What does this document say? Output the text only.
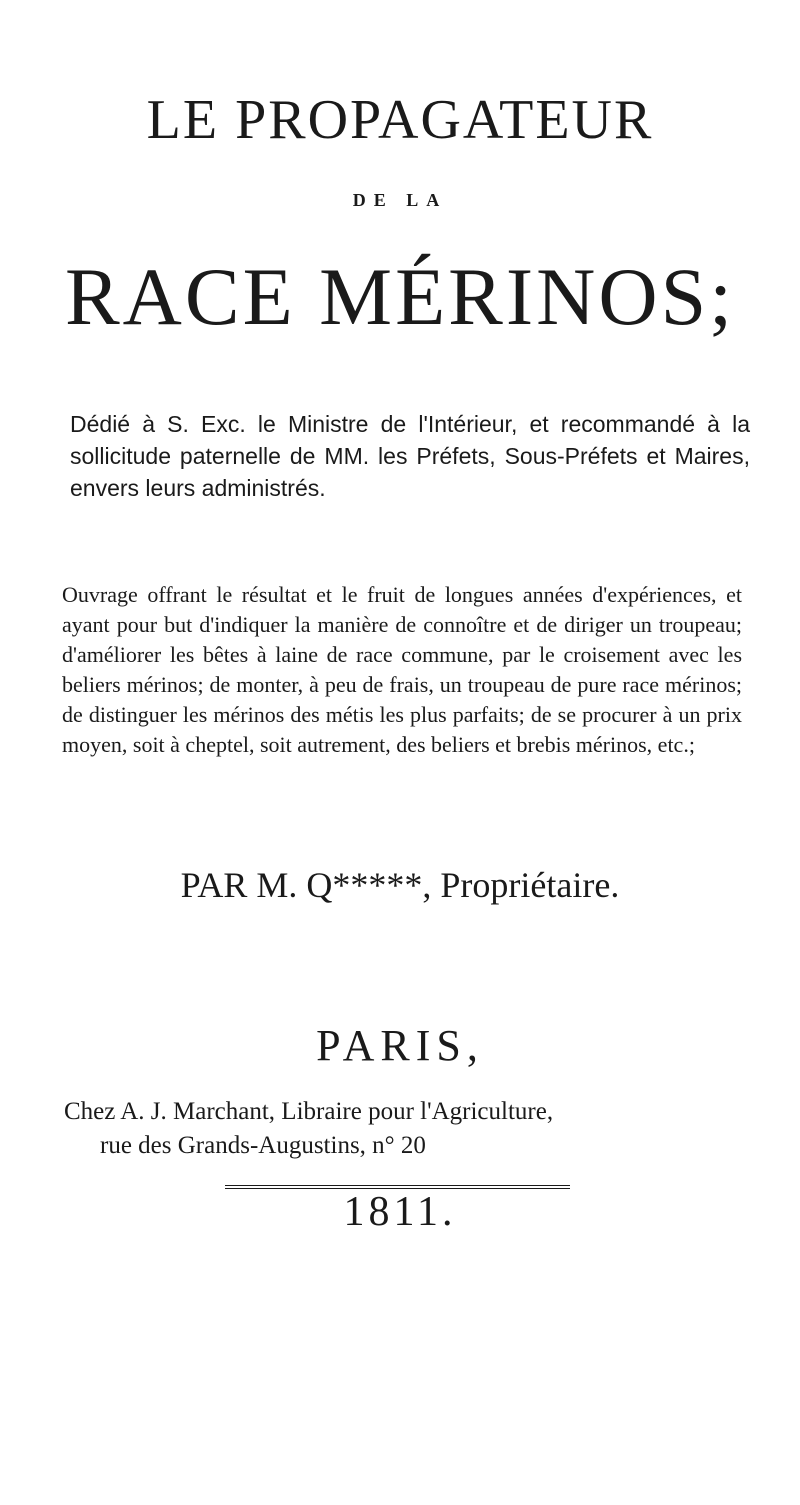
LE PROPAGATEUR
DE LA
RACE MÉRINOS;
Dédié à S. Exc. le Ministre de l'Intérieur, et recommandé à la sollicitude paternelle de MM. les Préfets, Sous-Préfets et Maires, envers leurs administrés.
Ouvrage offrant le résultat et le fruit de longues années d'expériences, et ayant pour but d'indiquer la manière de connoître et de diriger un troupeau; d'améliorer les bêtes à laine de race commune, par le croisement avec les beliers mérinos; de monter, à peu de frais, un troupeau de pure race mérinos; de distinguer les mérinos des métis les plus parfaits; de se procurer à un prix moyen, soit à cheptel, soit autrement, des beliers et brebis mérinos, etc.;
PAR M. Q*****, Propriétaire.
PARIS,
Chez A. J. Marchant, Libraire pour l'Agriculture,
rue des Grands-Augustins, n° 20
1811.
